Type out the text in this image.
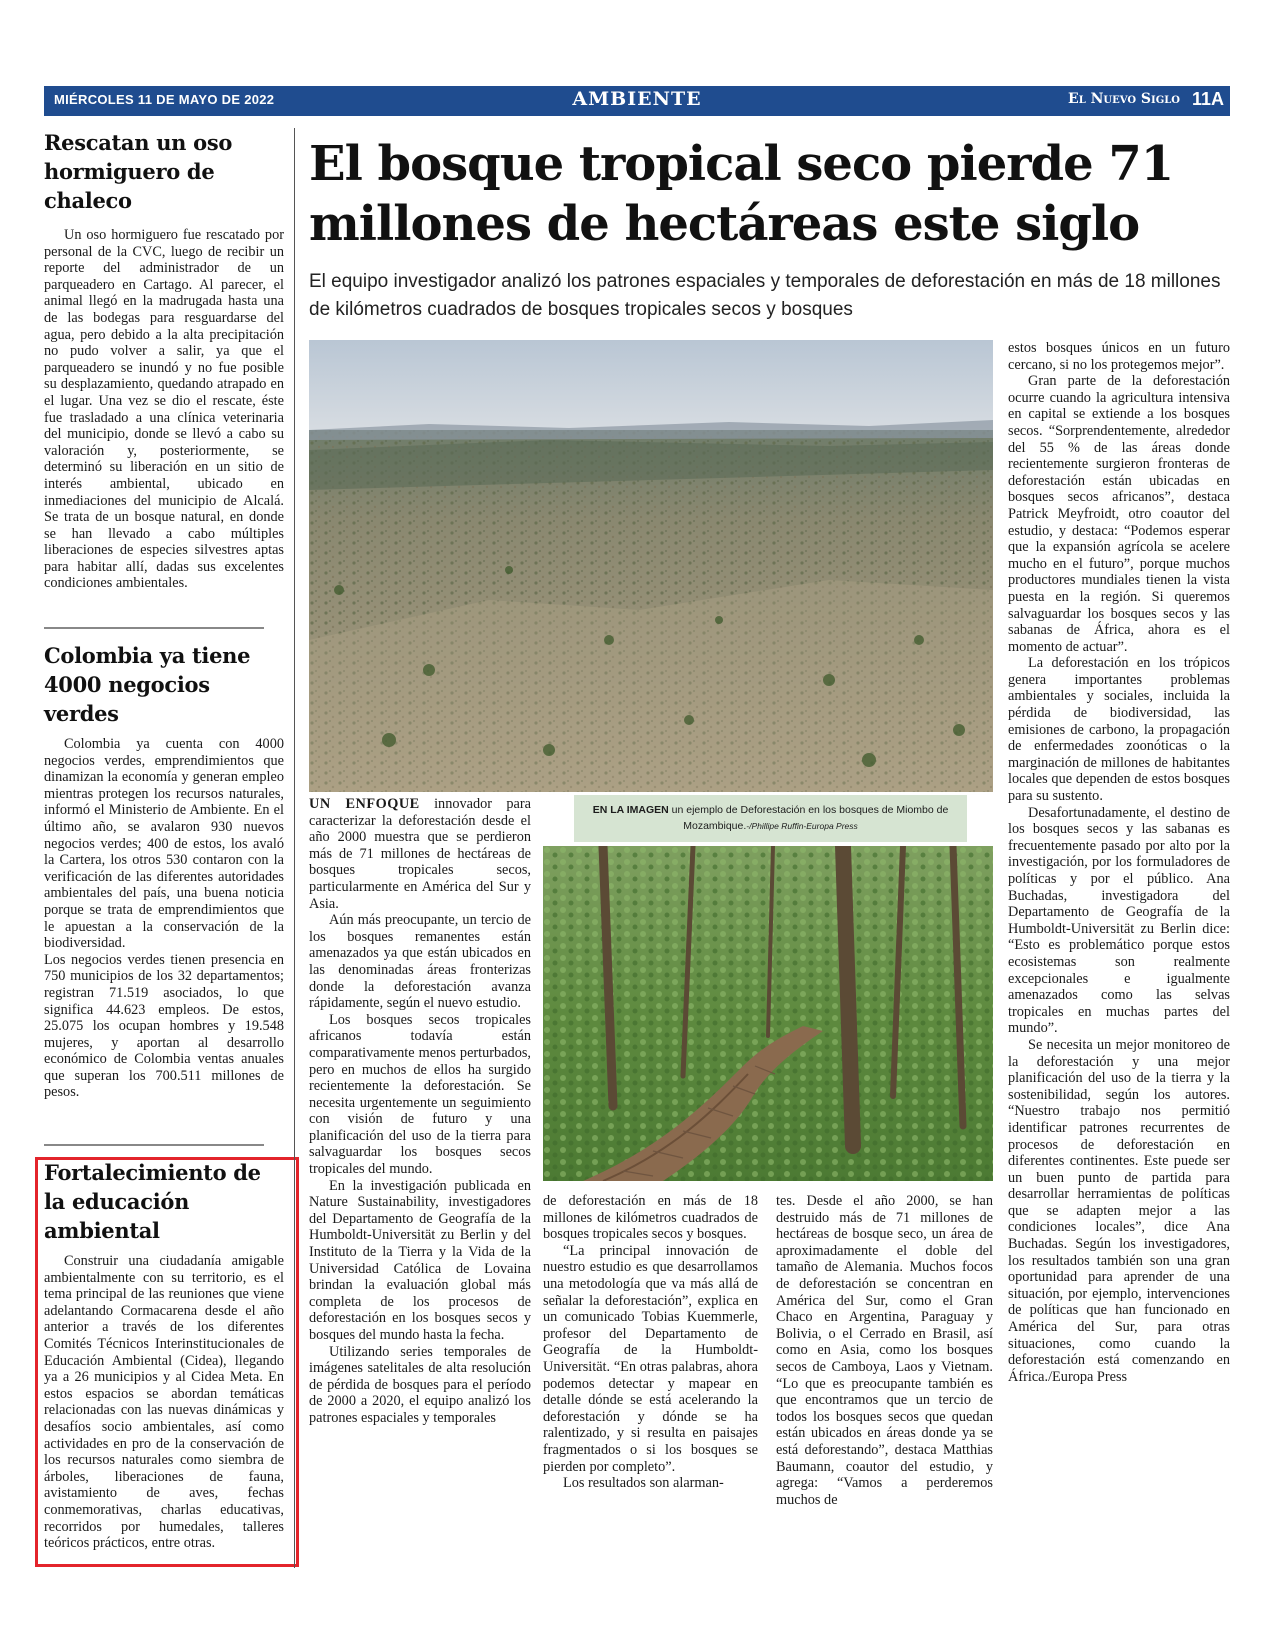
MIÉRCOLES 11 DE MAYO DE 2022	AMBIENTE	El Nuevo Siglo 11A
Rescatan un oso hormiguero de chaleco

Un oso hormiguero fue rescatado por personal de la CVC, luego de recibir un reporte del administrador de un parqueadero en Cartago. Al parecer, el animal llegó en la madrugada hasta una de las bodegas para resguardarse del agua, pero debido a la alta precipitación no pudo volver a salir, ya que el parqueadero se inundó y no fue posible su desplazamiento, quedando atrapado en el lugar. Una vez se dio el rescate, éste fue trasladado a una clínica veterinaria del municipio, donde se llevó a cabo su valoración y, posteriormente, se determinó su liberación en un sitio de interés ambiental, ubicado en inmediaciones del municipio de Alcalá. Se trata de un bosque natural, en donde se han llevado a cabo múltiples liberaciones de especies silvestres aptas para habitar allí, dadas sus excelentes condiciones ambientales.

Colombia ya tiene 4000 negocios verdes

Colombia ya cuenta con 4000 negocios verdes, emprendimientos que dinamizan la economía y generan empleo mientras protegen los recursos naturales, informó el Ministerio de Ambiente. En el último año, se avalaron 930 nuevos negocios verdes; 400 de estos, los avaló la Cartera, los otros 530 contaron con la verificación de las diferentes autoridades ambientales del país, una buena noticia porque se trata de emprendimientos que le apuestan a la conservación de la biodiversidad.

Los negocios verdes tienen presencia en 750 municipios de los 32 departamentos; registran 71.519 asociados, lo que significa 44.623 empleos. De estos, 25.075 los ocupan hombres y 19.548 mujeres, y aportan al desarrollo económico de Colombia ventas anuales que superan los 700.511 millones de pesos.

Fortalecimiento de la educación ambiental

Construir una ciudadanía amigable ambientalmente con su territorio, es el tema principal de las reuniones que viene adelantando Cormacarena desde el año anterior a través de los diferentes Comités Técnicos Interinstitucionales de Educación Ambiental (Cidea), llegando ya a 26 municipios y al Cidea Meta. En estos espacios se abordan temáticas relacionadas con las nuevas dinámicas y desafíos socio ambientales, así como actividades en pro de la conservación de los recursos naturales como siembra de árboles, liberaciones de fauna, avistamiento de aves, fechas conmemorativas, charlas educativas, recorridos por humedales, talleres teóricos prácticos, entre otras.

El bosque tropical seco pierde 71 millones de hectáreas este siglo
El equipo investigador analizó los patrones espaciales y temporales de deforestación en más de 18 millones de kilómetros cuadrados de bosques tropicales secos y bosques
EN LA IMAGEN un ejemplo de Deforestación en los bosques de Miombo de Mozambique.-/Phillipe Ruffin-Europa Press

UN ENFOQUE innovador para caracterizar la deforestación desde el año 2000 muestra que se perdieron más de 71 millones de hectáreas de bosques tropicales secos, particularmente en América del Sur y Asia.

Aún más preocupante, un tercio de los bosques remanentes están amenazados ya que están ubicados en las denominadas áreas fronterizas donde la deforestación avanza rápidamente, según el nuevo estudio.

Los bosques secos tropicales africanos todavía están comparativamente menos perturbados, pero en muchos de ellos ha surgido recientemente la deforestación. Se necesita urgentemente un seguimiento con visión de futuro y una planificación del uso de la tierra para salvaguardar los bosques secos tropicales del mundo.

En la investigación publicada en Nature Sustainability, investigadores del Departamento de Geografía de la Humboldt-Universität zu Berlin y del Instituto de la Tierra y la Vida de la Universidad Católica de Lovaina brindan la evaluación global más completa de los procesos de deforestación en los bosques secos y bosques del mundo hasta la fecha.

Utilizando series temporales de imágenes satelitales de alta resolución de pérdida de bosques para el período de 2000 a 2020, el equipo analizó los patrones espaciales y temporales

de deforestación en más de 18 millones de kilómetros cuadrados de bosques tropicales secos y bosques.

“La principal innovación de nuestro estudio es que desarrollamos una metodología que va más allá de señalar la deforestación”, explica en un comunicado Tobias Kuemmerle, profesor del Departamento de Geografía de la Humboldt-Universität. “En otras palabras, ahora podemos detectar y mapear en detalle dónde se está acelerando la deforestación y dónde se ha ralentizado, y si resulta en paisajes fragmentados o si los bosques se pierden por completo”.

Los resultados son alarman-

tes. Desde el año 2000, se han destruido más de 71 millones de hectáreas de bosque seco, un área de aproximadamente el doble del tamaño de Alemania. Muchos focos de deforestación se concentran en América del Sur, como el Gran Chaco en Argentina, Paraguay y Bolivia, o el Cerrado en Brasil, así como en Asia, como los bosques secos de Camboya, Laos y Vietnam. “Lo que es preocupante también es que encontramos que un tercio de todos los bosques secos que quedan están ubicados en áreas donde ya se está deforestando”, destaca Matthias Baumann, coautor del estudio, y agrega: “Vamos a perderemos muchos de

estos bosques únicos en un futuro cercano, si no los protegemos mejor”.

Gran parte de la deforestación ocurre cuando la agricultura intensiva en capital se extiende a los bosques secos. “Sorprendentemente, alrededor del 55 % de las áreas donde recientemente surgieron fronteras de deforestación están ubicadas en bosques secos africanos”, destaca Patrick Meyfroidt, otro coautor del estudio, y destaca: “Podemos esperar que la expansión agrícola se acelere mucho en el futuro”, porque muchos productores mundiales tienen la vista puesta en la región. Si queremos salvaguardar los bosques secos y las sabanas de África, ahora es el momento de actuar”.

La deforestación en los trópicos genera importantes problemas ambientales y sociales, incluida la pérdida de biodiversidad, las emisiones de carbono, la propagación de enfermedades zoonóticas o la marginación de millones de habitantes locales que dependen de estos bosques para su sustento.

Desafortunadamente, el destino de los bosques secos y las sabanas es frecuentemente pasado por alto por la investigación, por los formuladores de políticas y por el público. Ana Buchadas, investigadora del Departamento de Geografía de la Humboldt-Universität zu Berlin dice: “Esto es problemático porque estos ecosistemas son realmente excepcionales e igualmente amenazados como las selvas tropicales en muchas partes del mundo”.

Se necesita un mejor monitoreo de la deforestación y una mejor planificación del uso de la tierra y la sostenibilidad, según los autores. “Nuestro trabajo nos permitió identificar patrones recurrentes de procesos de deforestación en diferentes continentes. Este puede ser un buen punto de partida para desarrollar herramientas de políticas que se adapten mejor a las condiciones locales”, dice Ana Buchadas. Según los investigadores, los resultados también son una gran oportunidad para aprender de una situación, por ejemplo, intervenciones de políticas que han funcionado en América del Sur, para otras situaciones, como cuando la deforestación está comenzando en África./Europa Press
